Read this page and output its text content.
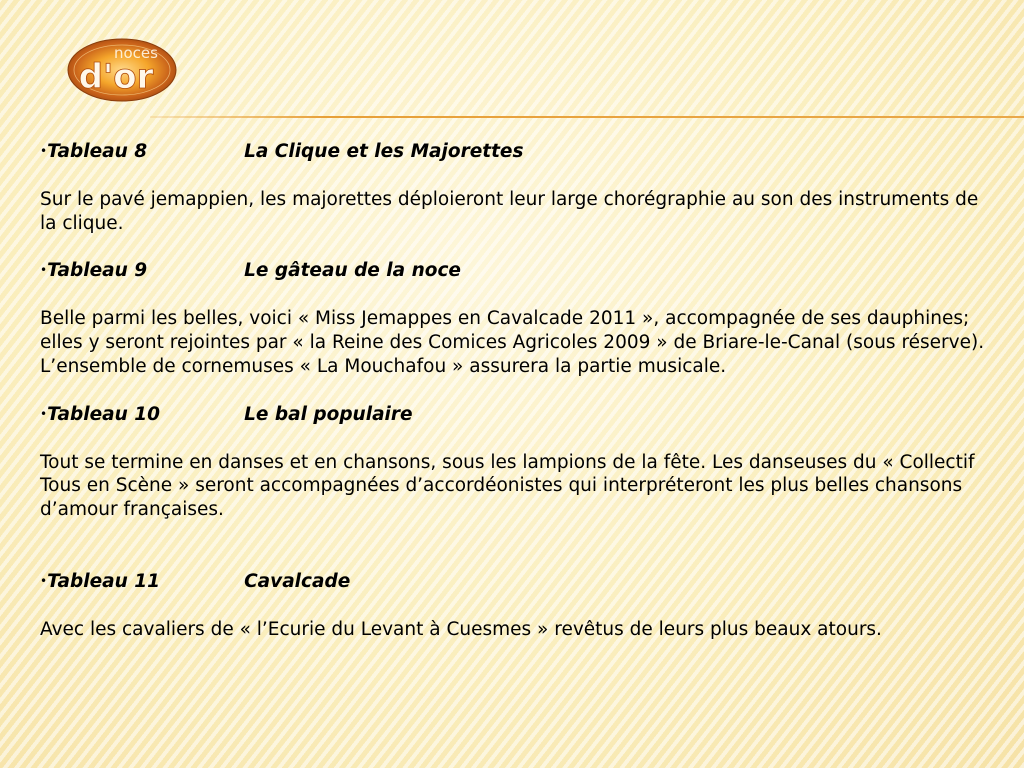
noces
d'or
•Tableau 8	La Clique et les Majorettes

Sur le pavé jemappien, les majorettes déploieront leur large chorégraphie au son des instruments de la clique.

•Tableau 9	Le gâteau de la noce

Belle parmi les belles, voici « Miss Jemappes en Cavalcade 2011 », accompagnée de ses dauphines; elles y seront rejointes par « la Reine des Comices Agricoles 2009 » de Briare-le-Canal (sous réserve). L’ensemble de cornemuses « La Mouchafou » assurera la partie musicale.

•Tableau 10	Le bal populaire

Tout se termine en danses et en chansons, sous les lampions de la fête. Les danseuses du « Collectif Tous en Scène » seront accompagnées d’accordéonistes qui interpréteront les plus belles chansons d’amour françaises.

•Tableau 11	Cavalcade

Avec les cavaliers de « l’Ecurie du Levant à Cuesmes » revêtus de leurs plus beaux atours.
